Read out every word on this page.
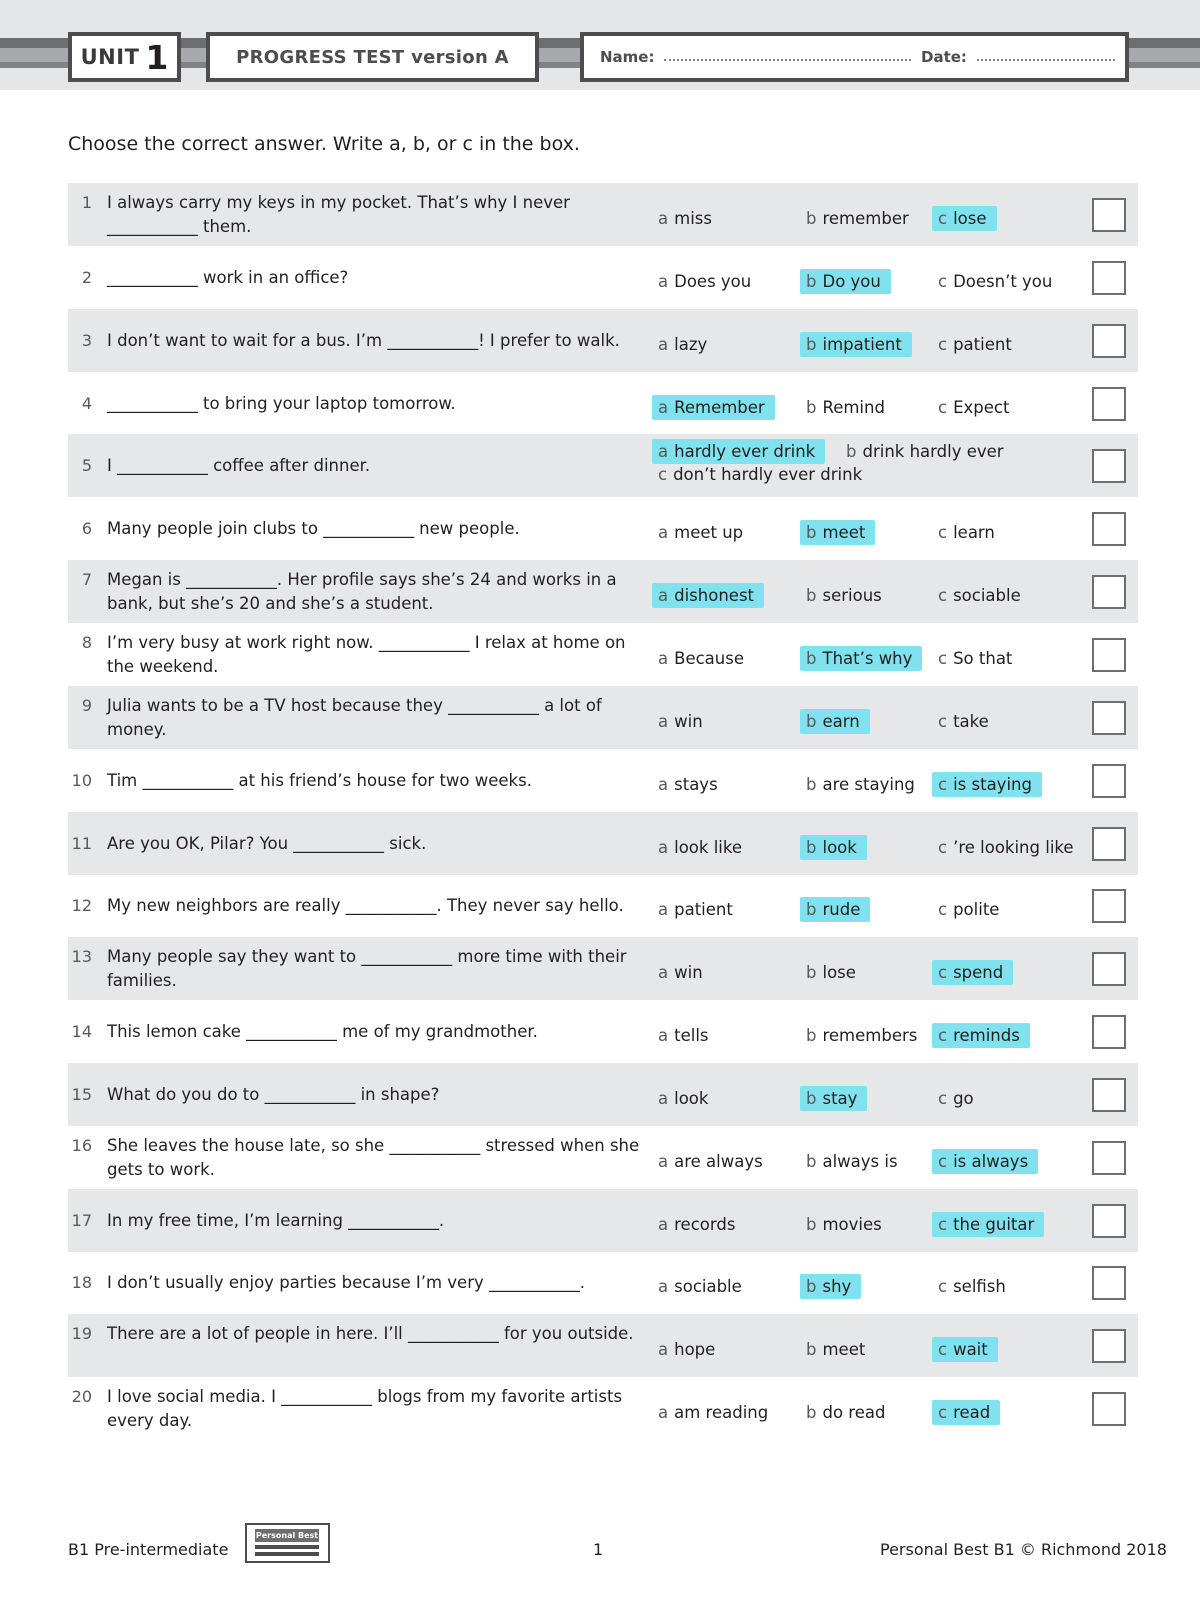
UNIT 1	PROGRESS TEST version A	Name:	Date:
Choose the correct answer. Write a, b, or c in the box.
1 I always carry my keys in my pocket. That’s why I never ___________ them.	a miss	b remember c lose
2 ___________ work in an office?	a Does you	b Do you	c Doesn’t you
3 I don’t want to wait for a bus. I’m ___________! I prefer to walk.	a lazy	b impatient	c patient
4 ___________ to bring your laptop tomorrow.	a Remember	b Remind	c Expect
5 I ___________ coffee after dinner.
a hardly ever drink	b drink hardly ever
c don’t hardly ever drink
6 Many people join clubs to ___________ new people.	a meet up	b meet	c learn
7 Megan is ___________. Her profile says she’s 24 and works in a bank, but she’s 20 and she’s a student.	a dishonest	b serious	c sociable
8 I’m very busy at work right now. ___________ I relax at home on the weekend.	a Because	b That’s why	c So that
9 Julia wants to be a TV host because they ___________ a lot of money.	a win	b earn	c take
10 Tim ___________ at his friend’s house for two weeks.	a stays	b are staying c is staying
11 Are you OK, Pilar? You ___________ sick.	a look like	b look	c ’re looking like
12 My new neighbors are really ___________. They never say hello.	a patient	b rude	c polite
13 Many people say they want to ___________ more time with their families.	a win	b lose	c spend
14 This lemon cake ___________ me of my grandmother.	a tells	b remembers c reminds
15 What do you do to ___________ in shape?	a look	b stay	c go
16 She leaves the house late, so she ___________ stressed when she gets to work.	a are always	b always is c is always
17 In my free time, I’m learning ___________.	a records	b movies	c the guitar
18 I don’t usually enjoy parties because I’m very ___________.	a sociable	b shy	c selfish
19 There are a lot of people in here. I’ll ___________ for you outside.
a hope	b meet	c wait
20 I love social media. I ___________ blogs from my favorite artists every day.	a am reading b do read	c read
B1 Pre-intermediate
Personal Best
1	Personal Best B1 © Richmond 2018
